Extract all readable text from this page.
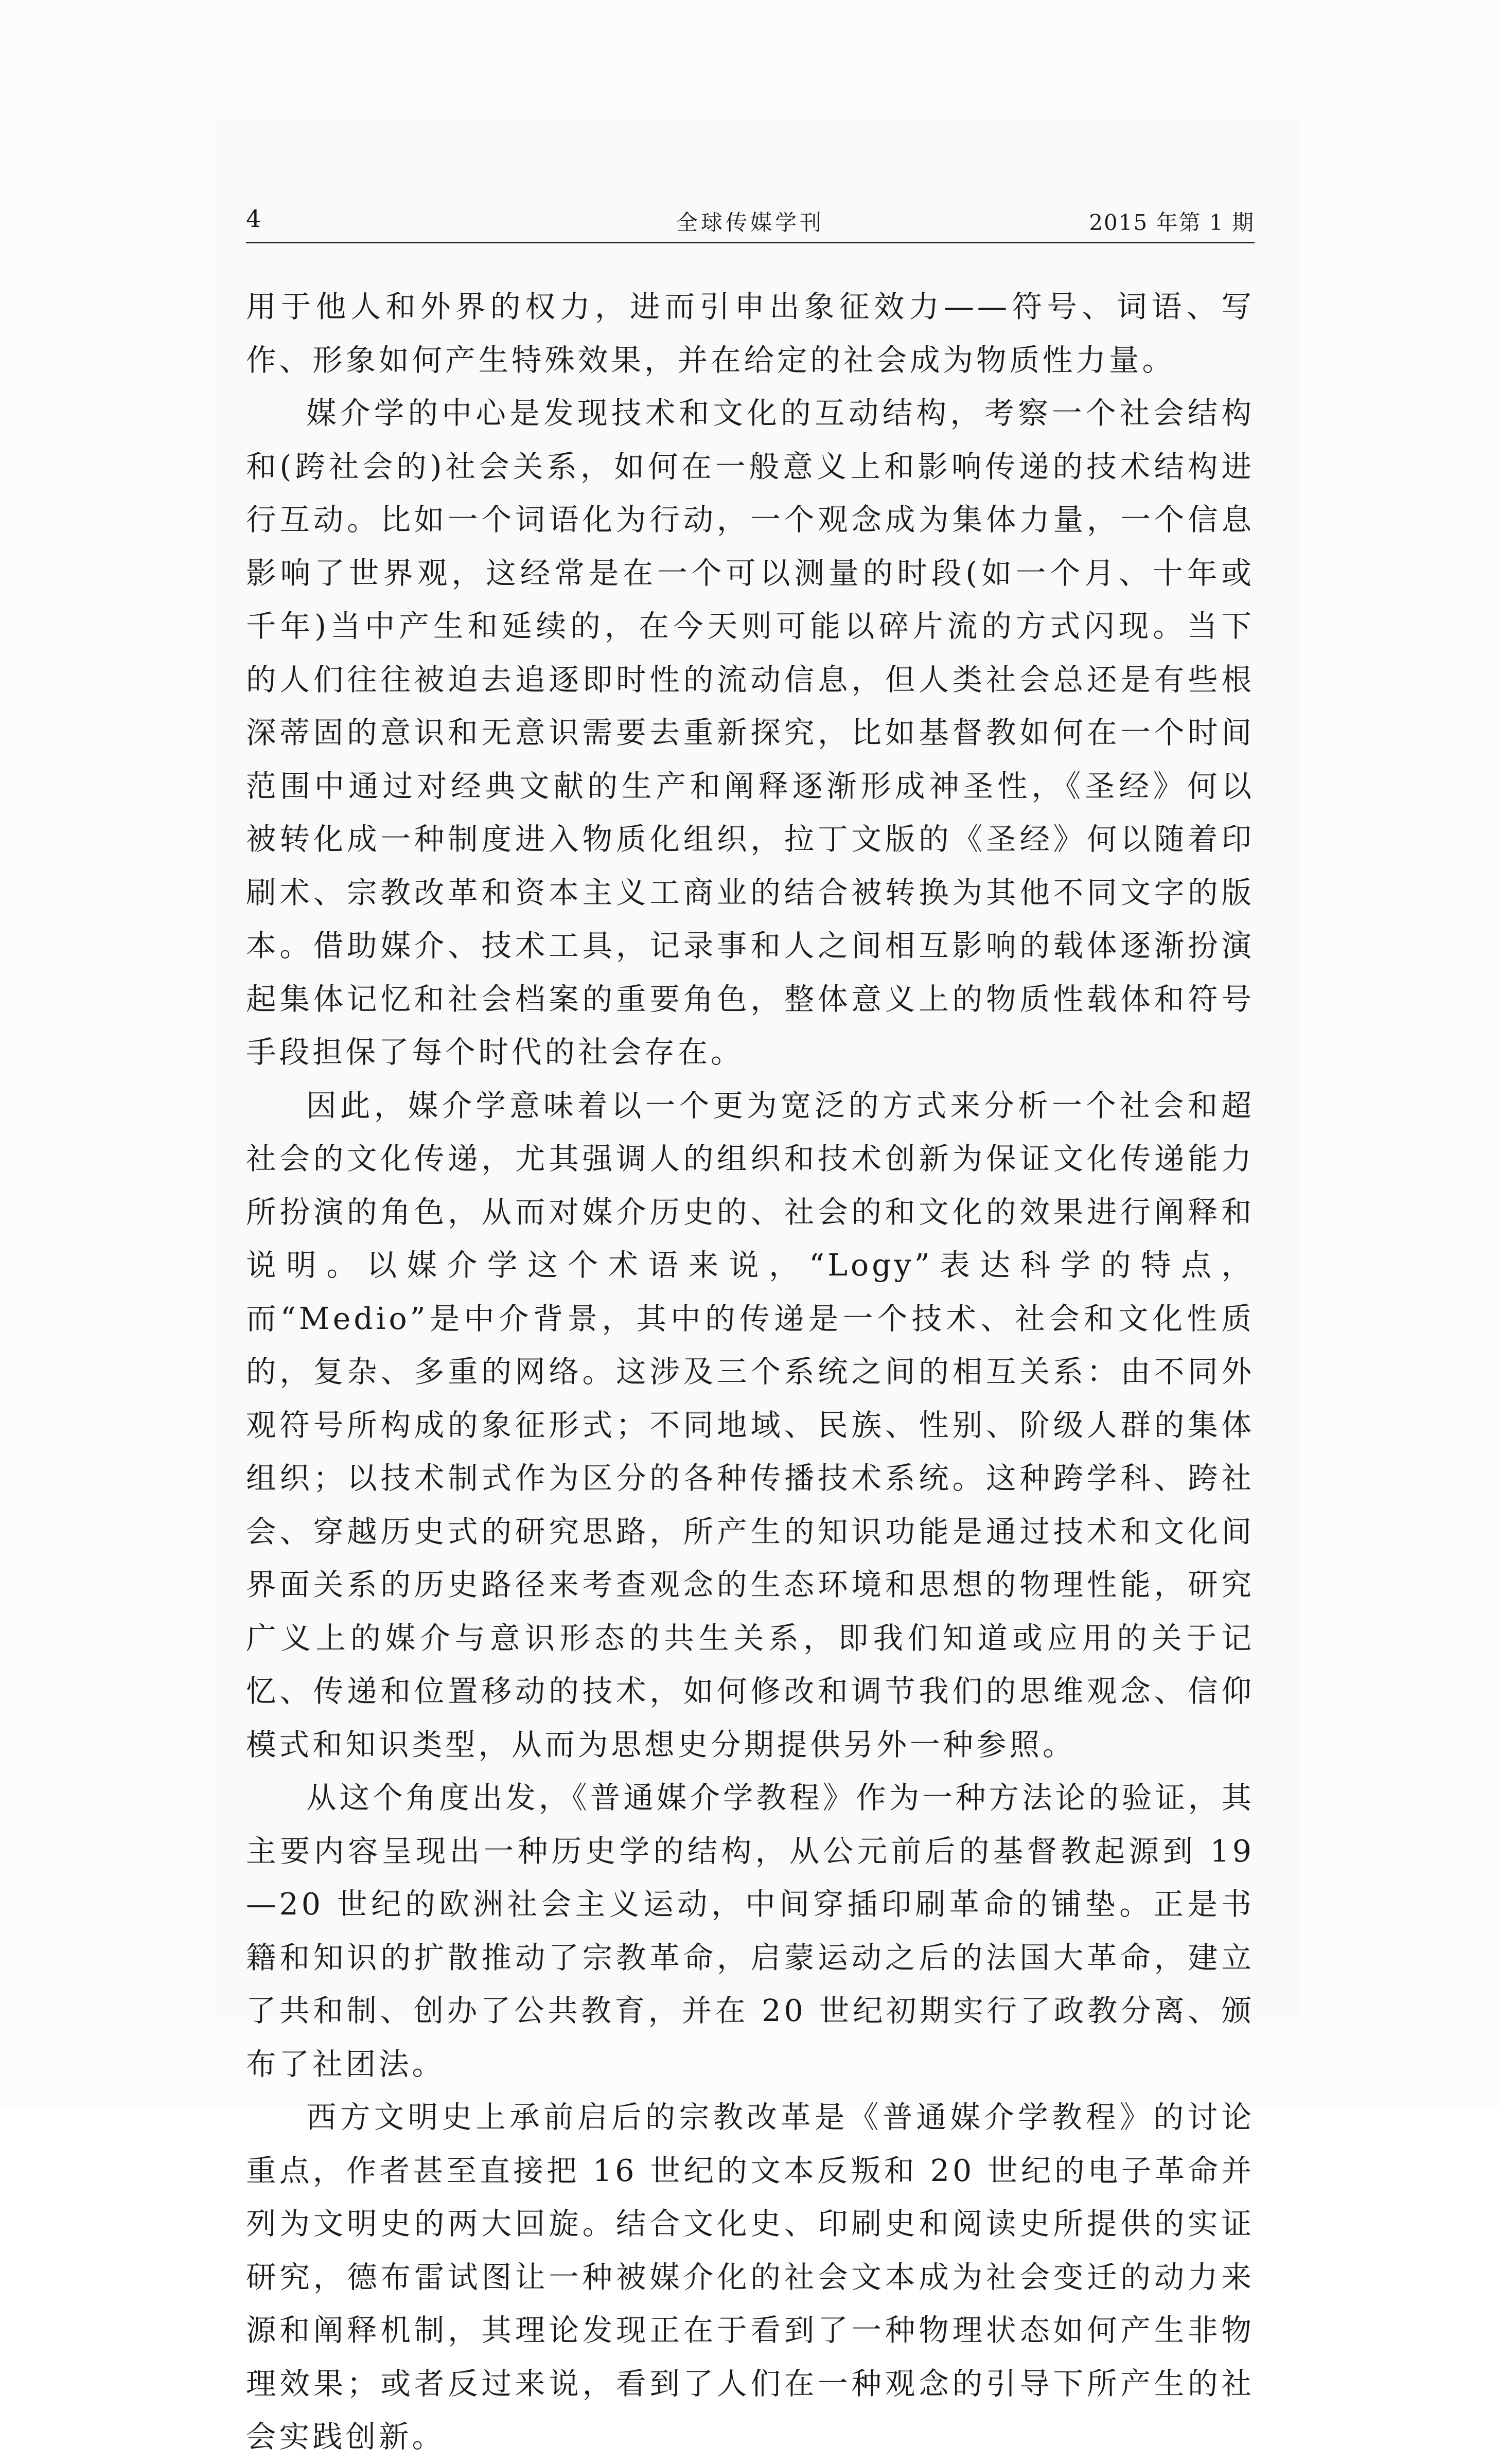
4	全球传媒学刊	2015 年第 1 期

用于他人和外界的权力，进而引申出象征效力——符号、词语、写作、形象如何产生特殊效果，并在给定的社会成为物质性力量。

媒介学的中心是发现技术和文化的互动结构，考察一个社会结构和(跨社会的)社会关系，如何在一般意义上和影响传递的技术结构进行互动。比如一个词语化为行动，一个观念成为集体力量，一个信息影响了世界观，这经常是在一个可以测量的时段(如一个月、十年或千年)当中产生和延续的，在今天则可能以碎片流的方式闪现。当下的人们往往被迫去追逐即时性的流动信息，但人类社会总还是有些根深蒂固的意识和无意识需要去重新探究，比如基督教如何在一个时间范围中通过对经典文献的生产和阐释逐渐形成神圣性，《圣经》何以被转化成一种制度进入物质化组织，拉丁文版的《圣经》何以随着印刷术、宗教改革和资本主义工商业的结合被转换为其他不同文字的版本。借助媒介、技术工具，记录事和人之间相互影响的载体逐渐扮演起集体记忆和社会档案的重要角色，整体意义上的物质性载体和符号手段担保了每个时代的社会存在。

因此，媒介学意味着以一个更为宽泛的方式来分析一个社会和超社会的文化传递，尤其强调人的组织和技术创新为保证文化传递能力所扮演的角色，从而对媒介历史的、社会的和文化的效果进行阐释和说明。以媒介学这个术语来说，“Logy”表达科学的特点，而“Medio”是中介背景，其中的传递是一个技术、社会和文化性质的，复杂、多重的网络。这涉及三个系统之间的相互关系：由不同外观符号所构成的象征形式；不同地域、民族、性别、阶级人群的集体组织；以技术制式作为区分的各种传播技术系统。这种跨学科、跨社会、穿越历史式的研究思路，所产生的知识功能是通过技术和文化间界面关系的历史路径来考查观念的生态环境和思想的物理性能，研究广义上的媒介与意识形态的共生关系，即我们知道或应用的关于记忆、传递和位置移动的技术，如何修改和调节我们的思维观念、信仰模式和知识类型，从而为思想史分期提供另外一种参照。

从这个角度出发，《普通媒介学教程》作为一种方法论的验证，其主要内容呈现出一种历史学的结构，从公元前后的基督教起源到 19—20 世纪的欧洲社会主义运动，中间穿插印刷革命的铺垫。正是书籍和知识的扩散推动了宗教革命，启蒙运动之后的法国大革命，建立了共和制、创办了公共教育，并在 20 世纪初期实行了政教分离、颁布了社团法。

西方文明史上承前启后的宗教改革是《普通媒介学教程》的讨论重点，作者甚至直接把 16 世纪的文本反叛和 20 世纪的电子革命并列为文明史的两大回旋。结合文化史、印刷史和阅读史所提供的实证研究，德布雷试图让一种被媒介化的社会文本成为社会变迁的动力来源和阐释机制，其理论发现正在于看到了一种物理状态如何产生非物理效果；或者反过来说，看到了人们在一种观念的引导下所产生的社会实践创新。
